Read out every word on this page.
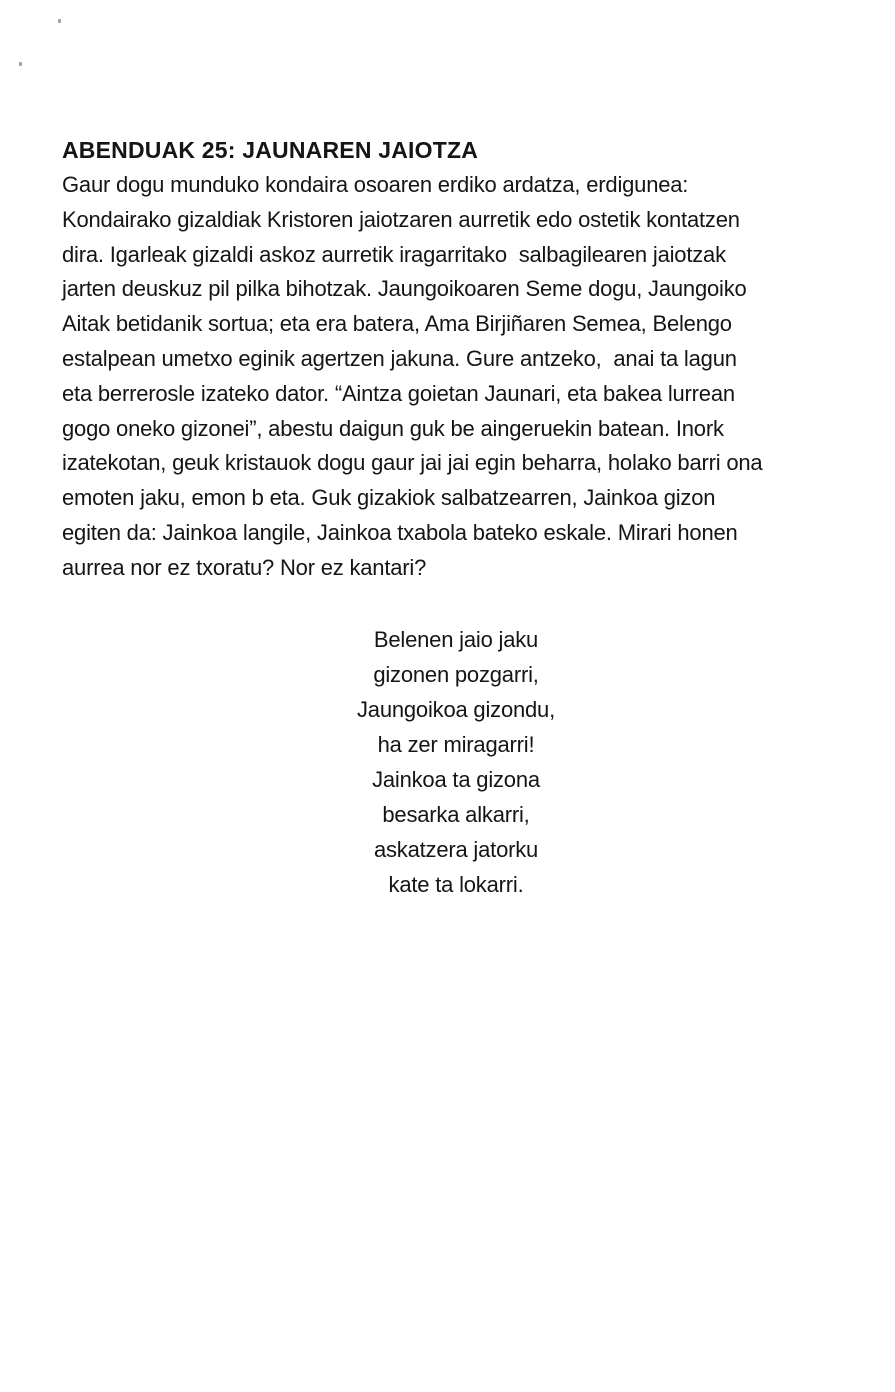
ABENDUAK 25: JAUNAREN JAIOTZA
Gaur dogu munduko kondaira osoaren erdiko ardatza, erdigunea:
Kondairako gizaldiak Kristoren jaiotzaren aurretik edo ostetik kontatzen
dira. Igarleak gizaldi askoz aurretik iragarritako  salbagilearen jaiotzak
jarten deuskuz pil pilka bihotzak. Jaungoikoaren Seme dogu, Jaungoiko
Aitak betidanik sortua; eta era batera, Ama Birjiñaren Semea, Belengo
estalpean umetxo eginik agertzen jakuna. Gure antzeko,  anai ta lagun
eta berrerosle izateko dator. “Aintza goietan Jaunari, eta bakea lurrean
gogo oneko gizonei”, abestu daigun guk be aingeruekin batean. Inork
izatekotan, geuk kristauok dogu gaur jai jai egin beharra, holako barri ona
emoten jaku, emon b eta. Guk gizakiok salbatzearren, Jainkoa gizon
egiten da: Jainkoa langile, Jainkoa txabola bateko eskale. Mirari honen
aurrea nor ez txoratu? Nor ez kantari?
Belenen jaio jaku
gizonen pozgarri,
Jaungoikoa gizondu,
ha zer miragarri!
Jainkoa ta gizona
besarka alkarri,
askatzera jatorku
kate ta lokarri.
